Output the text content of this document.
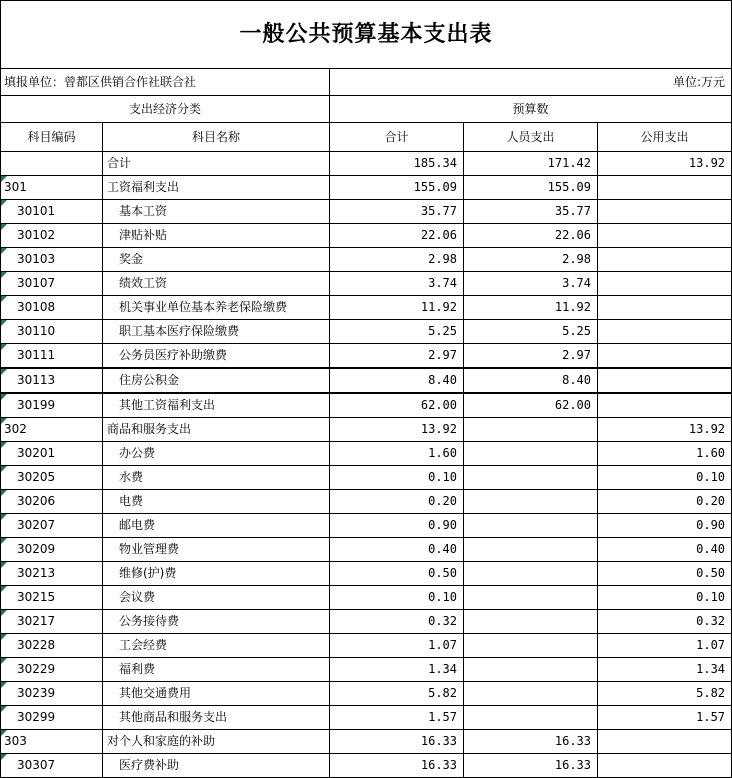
一般公共预算基本支出表				
填报单位：曾都区供销合作社联合社		单位:万元		
支出经济分类		预算数		
科目编码	科目名称	合计	人员支出	公用支出
	合计	185.34	171.42	13.92
301	工资福利支出	155.09	155.09	
30101	基本工资	35.77	35.77	
30102	津贴补贴	22.06	22.06	
30103	奖金	2.98	2.98	
30107	绩效工资	3.74	3.74	
30108	机关事业单位基本养老保险缴费	11.92	11.92	
30110	职工基本医疗保险缴费	5.25	5.25	
30111	公务员医疗补助缴费	2.97	2.97	
30113	住房公积金	8.40	8.40	
30199	其他工资福利支出	62.00	62.00	
302	商品和服务支出	13.92		13.92
30201	办公费	1.60		1.60
30205	水费	0.10		0.10
30206	电费	0.20		0.20
30207	邮电费	0.90		0.90
30209	物业管理费	0.40		0.40
30213	维修(护)费	0.50		0.50
30215	会议费	0.10		0.10
30217	公务接待费	0.32		0.32
30228	工会经费	1.07		1.07
30229	福利费	1.34		1.34
30239	其他交通费用	5.82		5.82
30299	其他商品和服务支出	1.57		1.57
303	对个人和家庭的补助	16.33	16.33	
30307	医疗费补助	16.33	16.33	
